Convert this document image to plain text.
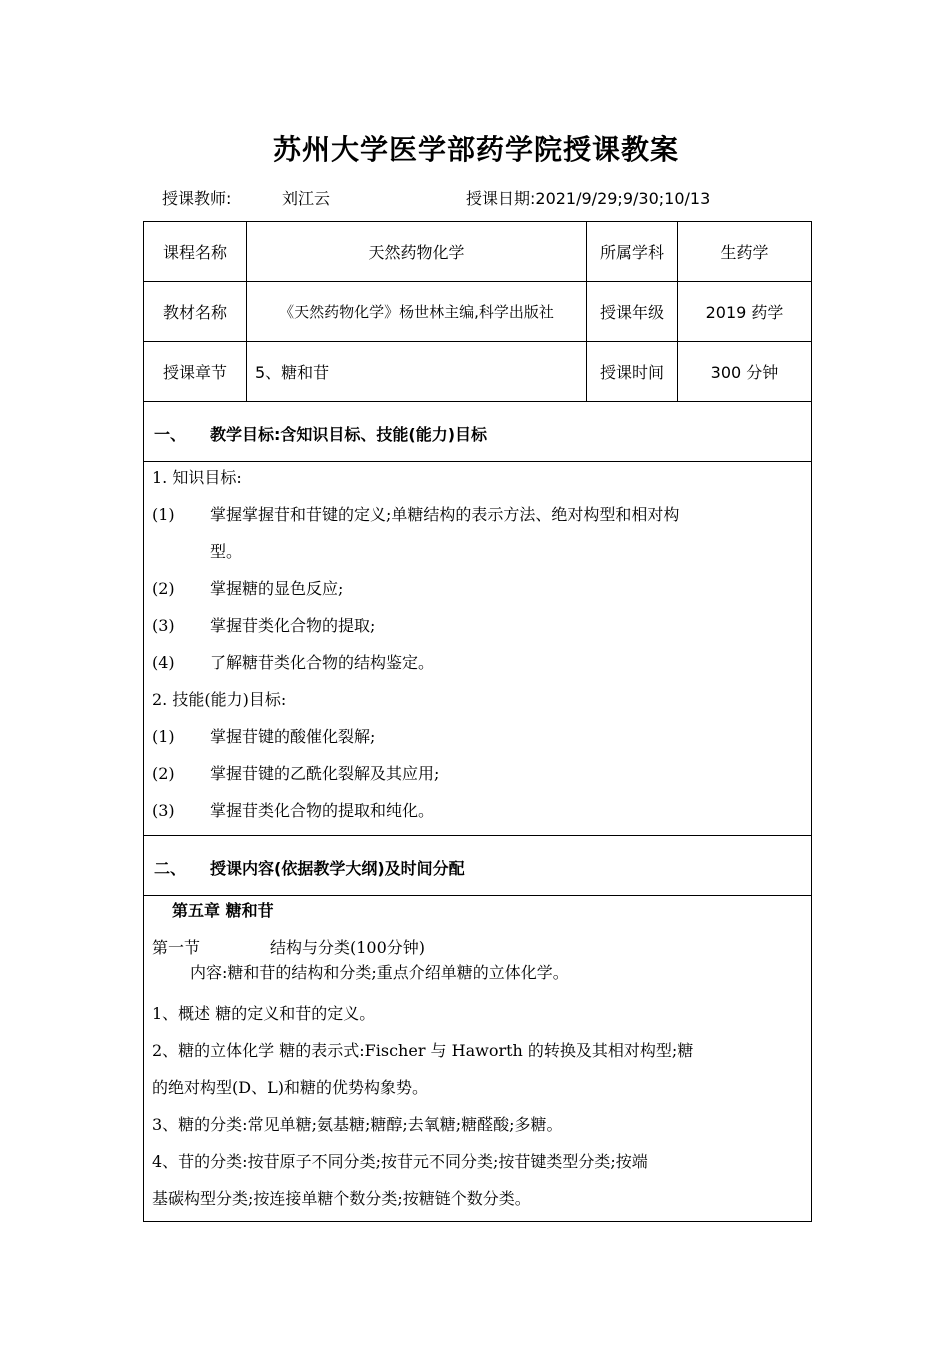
苏州大学医学部药学院授课教案
授课教师:	刘江云	授课日期:2021/9/29;9/30;10/13
课程名称	天然药物化学	所属学科	生药学
教材名称	《天然药物化学》杨世林主编,科学出版社	授课年级	2019 药学
授课章节	5、糖和苷	授课时间	300 分钟
一、 教学目标:含知识目标、技能(能力)目标
1. 知识目标:
(1) 掌握掌握苷和苷键的定义;单糖结构的表示方法、绝对构型和相对构
型。
(2) 掌握糖的显色反应;
(3) 掌握苷类化合物的提取;
(4) 了解糖苷类化合物的结构鉴定。
2. 技能(能力)目标:
(1) 掌握苷键的酸催化裂解;
(2) 掌握苷键的乙酰化裂解及其应用;
(3) 掌握苷类化合物的提取和纯化。
二、 授课内容(依据教学大纲)及时间分配
第五章 糖和苷
第一节	结构与分类(100分钟)
内容:糖和苷的结构和分类;重点介绍单糖的立体化学。
1、概述 糖的定义和苷的定义。
2、糖的立体化学 糖的表示式:Fischer 与 Haworth 的转换及其相对构型;糖
的绝对构型(D、L)和糖的优势构象势。
3、糖的分类:常见单糖;氨基糖;糖醇;去氧糖;糖醛酸;多糖。
4、苷的分类:按苷原子不同分类;按苷元不同分类;按苷键类型分类;按端
基碳构型分类;按连接单糖个数分类;按糖链个数分类。
